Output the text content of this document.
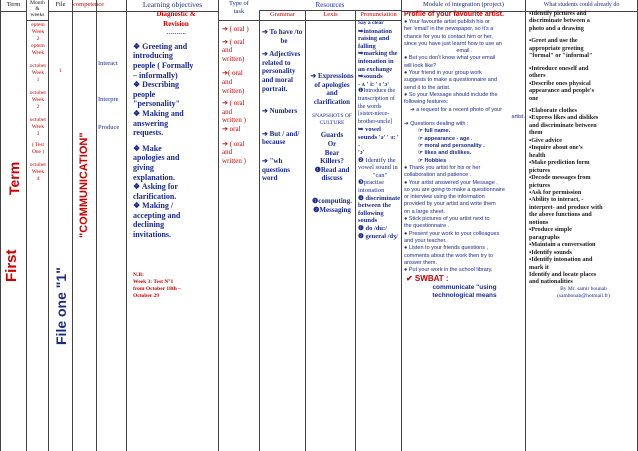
Term
First
Term
Month
&
weeks
eptem
Week
2
eptem
Week
october
Week
1
october
Week
2
october
Week
3
( Test
One )
october
Week
4
File
1
File one "1"
competence
"COMMUNICATION"
Interact
Interpre
Produce
Learning objectives
Diagnostic &
Revision
……….
❖ Greeting and
introducing
people ( Formally
– informally)
❖ Describing
people
"personality"
❖ Making and
answering
requests.
❖ Make
apologies and
giving
explanation.
❖ Asking for
clarification.
❖ Making /
accepting and
declining
invitations.
N.B:
Week 3: Test N°1
from October 18th –
October 29
Type of
task
➔ ( oral )
➔ ( oral
and
written)
➔( oral
and
written)
➔ ( oral
and
written )
➔ oral
➔ ( oral
and
written )
Resources
Grammar
➔ To have /to
be
➔ Adjectives
related to
personality
and moral
portrait.
➔ Numbers
➔ But / and/
because
➔ "wh
questions
word
Lexis
➔ Expressions
of apologies
and
clarification
SNAPSHOTS OF
CULTURE
Guards
Or
Bear
Killers?
❶Read and
discuss
❶computing.
❷Messaging
Pronunciation
Say a clear
➥intonation
raising and
falling
➥marking the
intonation in
an exchange
➥sounds
- ʌ ' i: ' ɪ 'ɔ'
❶Introduce the
transcription of
the words
[sister-niece-
brother-uncle]
➥ vowel
sounds 'ə' ' ɜ: ' -
'ɔ'
❷ Identify the
vowel sound in
"can"
❸practise
intonation
❹ discriminate
between the
following
sounds
❶ do /du:/
❷ general /dʒ/
Module of integration (project)
Profile of your favourite artist.
● Your favourite artist publish his or
her 'email' in the newspaper, so it's a
chance for you to contact him or her,
since you have just learnt how to use an
email .
● But you don't know what your email
will look like?
● Your friend in your group work
suggests to make a questionnaire and
send it to the artist.
● So your Message should include the
following features:
➔ a request for a recent photo of your
artist.
➔ Questions dealing with :
☞ full name.
☞ appearance - age .
☞ moral and personality .
☞ likes and dislikes.
☞ Hobbies
● Thank you artist for his or her
collaboration and patience .
● Your artist answered your Message ,
so you are going to make a questionnaire
or interview using the information
provided by your artist and write them
on a large sheet.
● Stick pictures of you artist next to
the questionnaire .
● Present your work to your colleagues
and your teacher.
● Listen to your friends questions ,
comments about the work then try to
answer them.
● Put your work in the school library.
✔ SWBAT :
communicate "using
technological means
What students could already do
▪Identify pictures and
discriminate between a
photo and a drawing
▪Greet and use the
appropriate greeting
"formal" or "informal"
▪Introduce oneself and
others
▪Describe ones physical
appearance and people's
one
▪Elaborate clothes
▪Express likes and dislikes
and discriminate between
them
▪Give advice
▪Inquire about one's
health
▪Make prediction form
pictures
▪Decode messages from
pictures
▪Ask for permission
▪Ability to interact, -
interpret- and produce with
the above functions and
notions
▪Produce simple
paragraphs
▪Maintain a conversation
▪Identify sounds
▪Identify intonation and
mark it
Identify and locate places
and nationalities
By Mr. samir bounab
(sambonab@hotmail.fr)
